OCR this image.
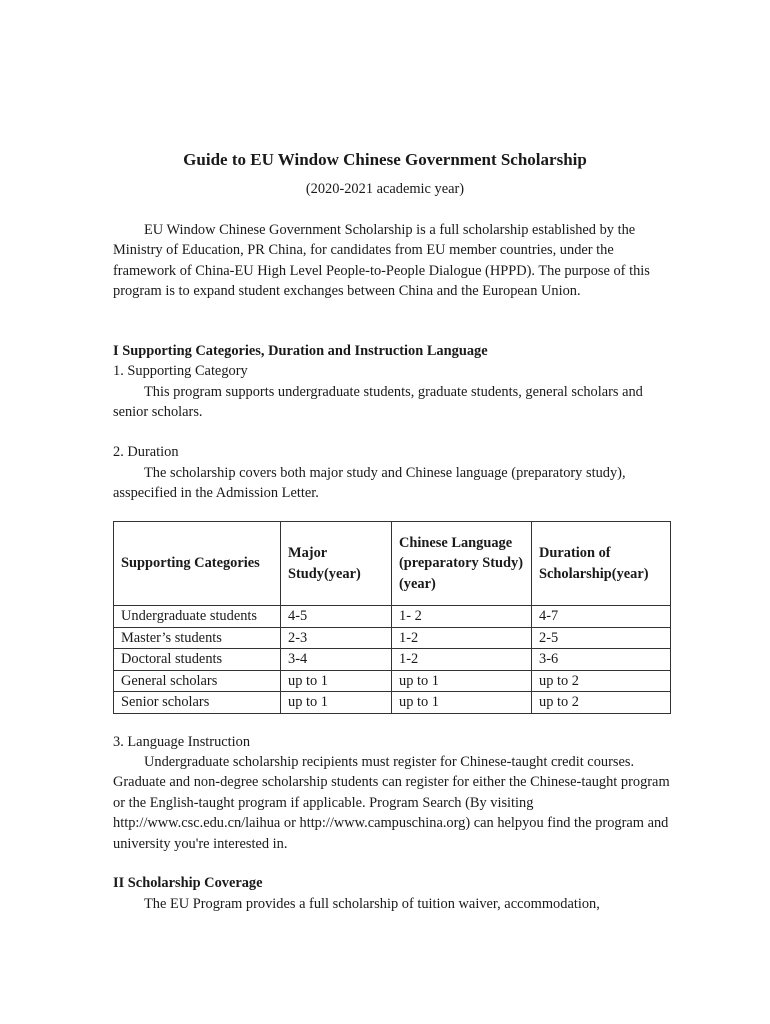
Guide to EU Window Chinese Government Scholarship
(2020-2021 academic year)

EU Window Chinese Government Scholarship is a full scholarship established by the Ministry of Education, PR China, for candidates from EU member countries, under the framework of China-EU High Level People-to-People Dialogue (HPPD). The purpose of this program is to expand student exchanges between China and the European Union.

I Supporting Categories, Duration and Instruction Language

1. Supporting Category

This program supports undergraduate students, graduate students, general scholars and senior scholars.

2. Duration

The scholarship covers both major study and Chinese language (preparatory study), asspecified in the Admission Letter.

Supporting Categories	Major Study(year)	Chinese Language (preparatory Study)(year)	Duration of Scholarship(year)
Undergraduate students	4-5	1- 2	4-7
Master’s students	2-3	1-2	2-5
Doctoral students	3-4	1-2	3-6
General scholars	up to 1	up to 1	up to 2
Senior scholars	up to 1	up to 1	up to 2

3. Language Instruction

Undergraduate scholarship recipients must register for Chinese-taught credit courses. Graduate and non-degree scholarship students can register for either the Chinese-taught program or the English-taught program if applicable. Program Search (By visiting http://www.csc.edu.cn/laihua or http://www.campuschina.org) can helpyou find the program and university you're interested in.

II Scholarship Coverage

The EU Program provides a full scholarship of tuition waiver, accommodation,
